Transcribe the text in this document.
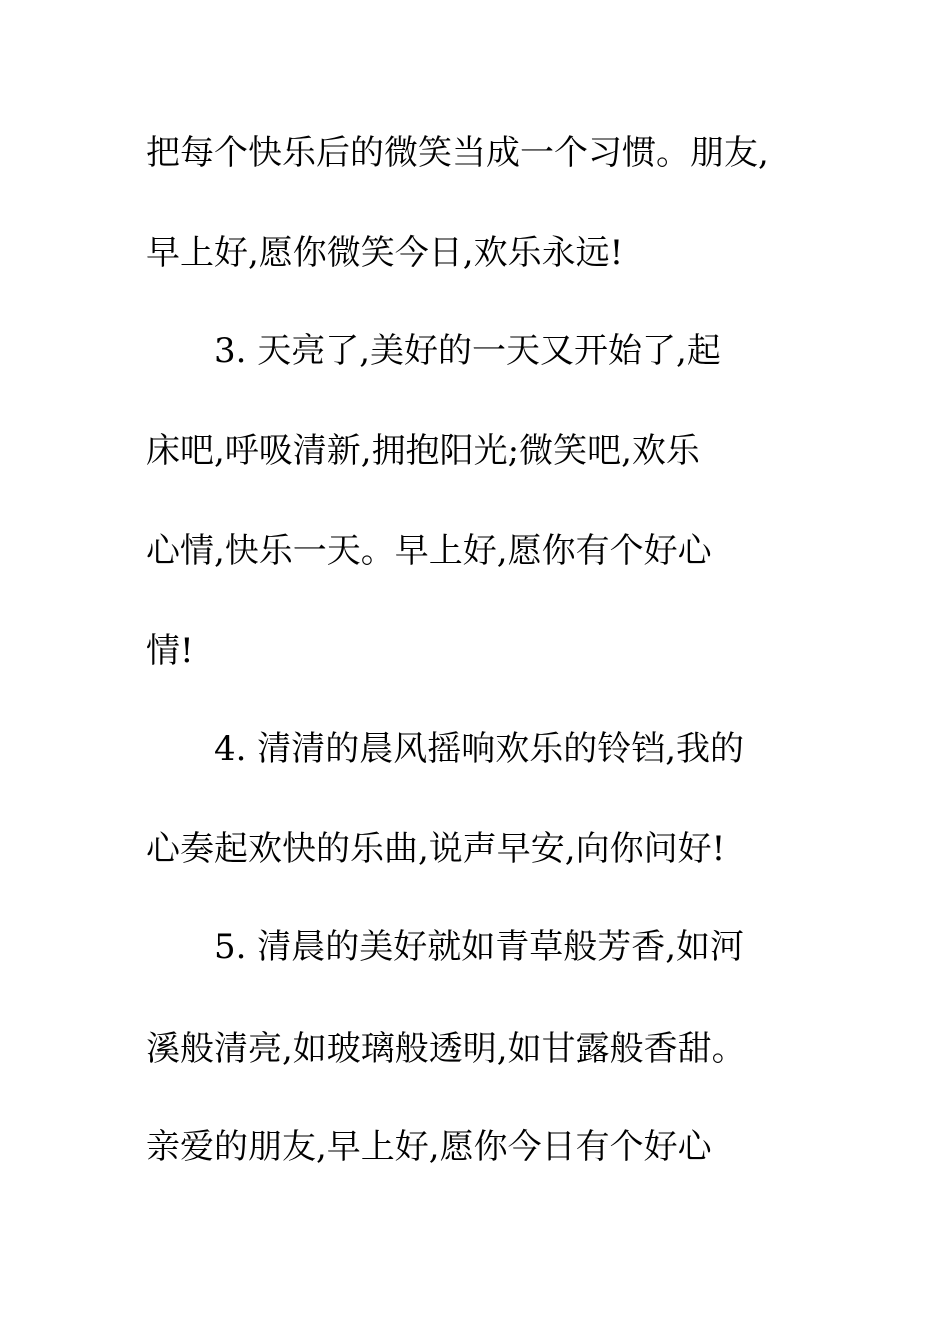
把每个快乐后的微笑当成一个习惯。朋友,
早上好,愿你微笑今日,欢乐永远!
3. 天亮了,美好的一天又开始了,起
床吧,呼吸清新,拥抱阳光;微笑吧,欢乐
心情,快乐一天。早上好,愿你有个好心
情!
4. 清清的晨风摇响欢乐的铃铛,我的
心奏起欢快的乐曲,说声早安,向你问好!
5. 清晨的美好就如青草般芳香,如河
溪般清亮,如玻璃般透明,如甘露般香甜。
亲爱的朋友,早上好,愿你今日有个好心
